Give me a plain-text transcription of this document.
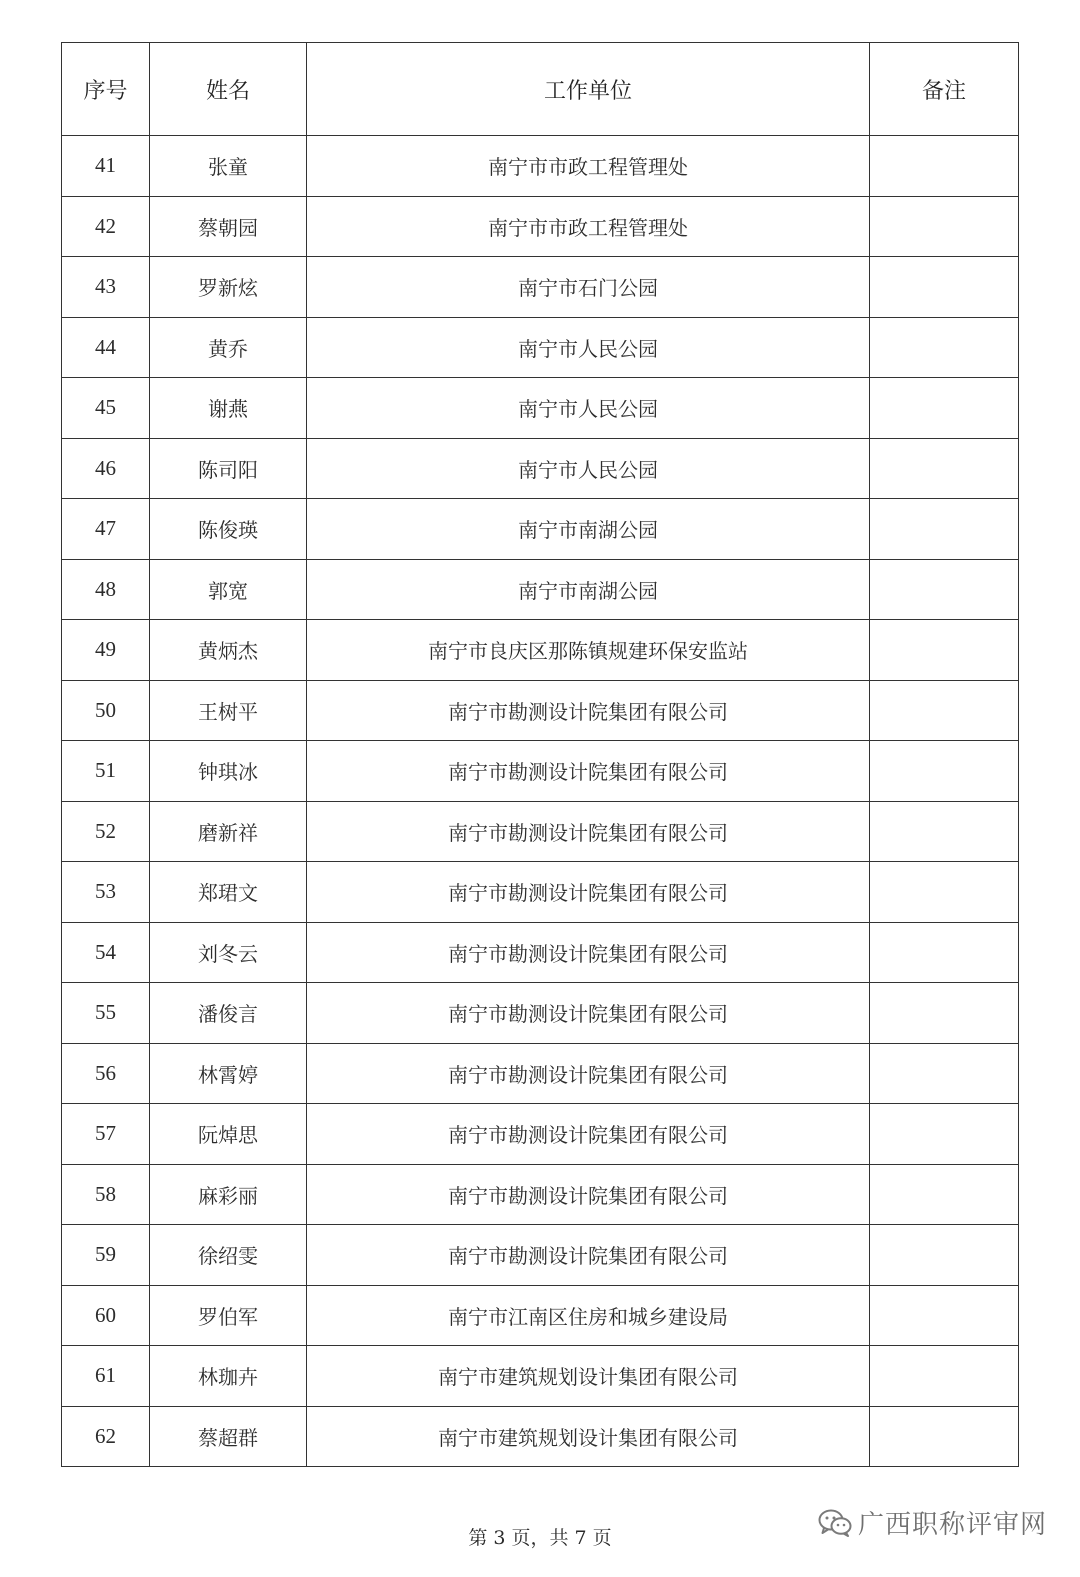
序号	姓名	工作单位	备注
41	张童	南宁市市政工程管理处	
42	蔡朝园	南宁市市政工程管理处	
43	罗新炫	南宁市石门公园	
44	黄乔	南宁市人民公园	
45	谢燕	南宁市人民公园	
46	陈司阳	南宁市人民公园	
47	陈俊瑛	南宁市南湖公园	
48	郭宽	南宁市南湖公园	
49	黄炳杰	南宁市良庆区那陈镇规建环保安监站	
50	王树平	南宁市勘测设计院集团有限公司	
51	钟琪冰	南宁市勘测设计院集团有限公司	
52	磨新祥	南宁市勘测设计院集团有限公司	
53	郑珺文	南宁市勘测设计院集团有限公司	
54	刘冬云	南宁市勘测设计院集团有限公司	
55	潘俊言	南宁市勘测设计院集团有限公司	
56	林霄婷	南宁市勘测设计院集团有限公司	
57	阮焯思	南宁市勘测设计院集团有限公司	
58	麻彩丽	南宁市勘测设计院集团有限公司	
59	徐绍雯	南宁市勘测设计院集团有限公司	
60	罗伯军	南宁市江南区住房和城乡建设局	
61	林珈卉	南宁市建筑规划设计集团有限公司	
62	蔡超群	南宁市建筑规划设计集团有限公司	
第 3 页，共 7 页	广西职称评审网
